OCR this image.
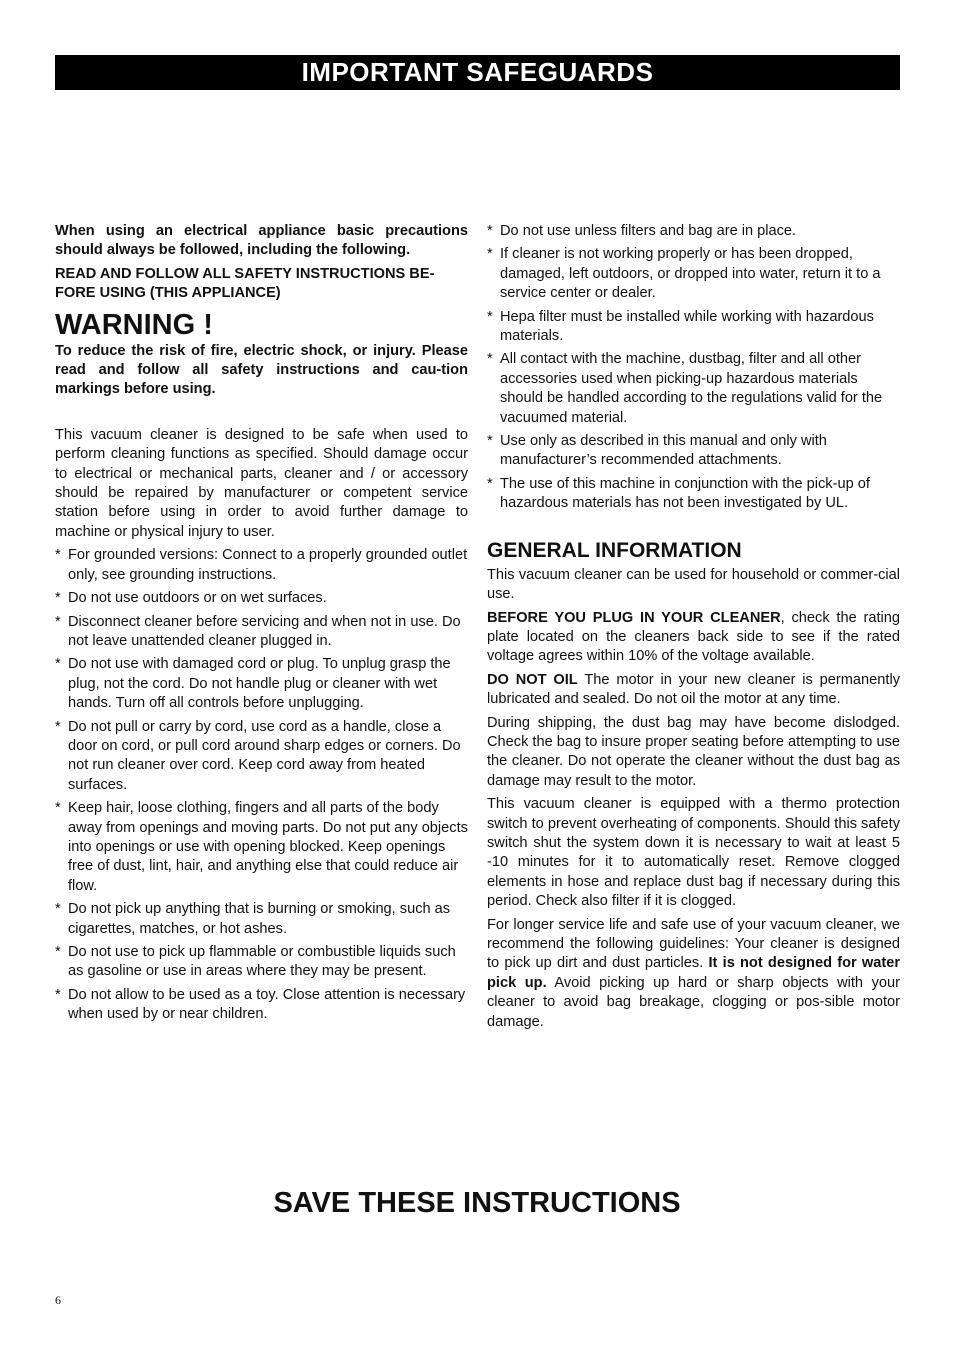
IMPORTANT SAFEGUARDS

When using an electrical appliance basic precautions should always be followed, including the following.

READ AND FOLLOW ALL SAFETY INSTRUCTIONS BE-FORE USING (THIS APPLIANCE)

WARNING !

To reduce the risk of fire, electric shock, or injury. Please read and follow all safety instructions and cau-tion markings before using.

This vacuum cleaner is designed to be safe when used to perform cleaning functions as specified. Should damage occur to electrical or mechanical parts, cleaner and / or accessory should be repaired by manufacturer or competent service station before using in order to avoid further damage to machine or physical injury to user.

* For grounded versions: Connect to a properly grounded outlet only, see grounding instructions.
* Do not use outdoors or on wet surfaces.
* Disconnect cleaner before servicing and when not in use. Do not leave unattended cleaner plugged in.
* Do not use with damaged cord or plug. To unplug grasp the plug, not the cord. Do not handle plug or cleaner with wet hands. Turn off all controls before unplugging.
* Do not pull or carry by cord, use cord as a handle, close a door on cord, or pull cord around sharp edges or corners. Do not run cleaner over cord. Keep cord away from heated surfaces.
* Keep hair, loose clothing, fingers and all parts of the body away from openings and moving parts. Do not put any objects into openings or use with opening blocked. Keep openings free of dust, lint, hair, and anything else that could reduce air flow.
* Do not pick up anything that is burning or smoking, such as cigarettes, matches, or hot ashes.
* Do not use to pick up flammable or combustible liquids such as gasoline or use in areas where they may be present.
* Do not allow to be used as a toy. Close attention is necessary when used by or near children.
* Do not use unless filters and bag are in place.
* If cleaner is not working properly or has been dropped, damaged, left outdoors, or dropped into water, return it to a service center or dealer.
* Hepa filter must be installed while working with hazardous materials.
* All contact with the machine, dustbag, filter and all other accessories used when picking-up hazardous materials should be handled according to the regulations valid for the vacuumed material.
* Use only as described in this manual and only with manufacturer’s recommended attachments.
* The use of this machine in conjunction with the pick-up of hazardous materials has not been investigated by UL.

GENERAL INFORMATION

This vacuum cleaner can be used for household or commer-cial use.

BEFORE YOU PLUG IN YOUR CLEANER, check the rating plate located on the cleaners back side to see if the rated voltage agrees within 10% of the voltage available.

DO NOT OIL The motor in your new cleaner is permanently lubricated and sealed. Do not oil the motor at any time.

During shipping, the dust bag may have become dislodged. Check the bag to insure proper seating before attempting to use the cleaner. Do not operate the cleaner without the dust bag as damage may result to the motor.

This vacuum cleaner is equipped with a thermo protection switch to prevent overheating of components. Should this safety switch shut the system down it is necessary to wait at least 5 -10 minutes for it to automatically reset. Remove clogged elements in hose and replace dust bag if necessary during this period. Check also filter if it is clogged.

For longer service life and safe use of your vacuum cleaner, we recommend the following guidelines: Your cleaner is designed to pick up dirt and dust particles. It is not designed for water pick up. Avoid picking up hard or sharp objects with your cleaner to avoid bag breakage, clogging or pos-sible motor damage.

SAVE THESE INSTRUCTIONS
6
